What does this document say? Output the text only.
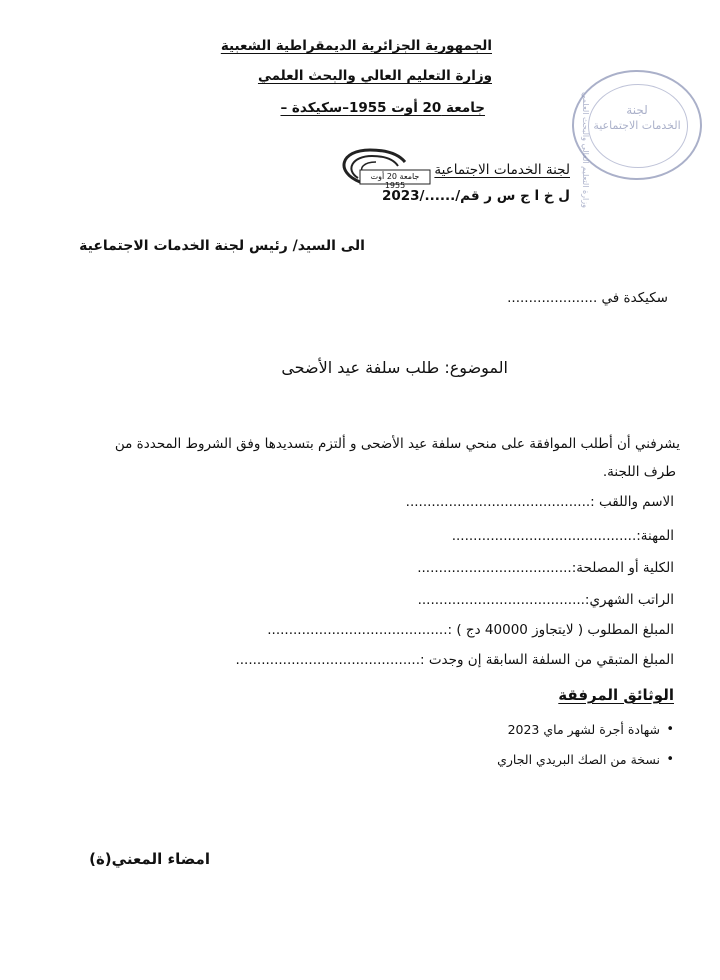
الجمهورية الجزائرية الديمقراطية الشعبية
وزارة التعليم العالي والبحث العلمي
جامعة 20 أوت 1955–سكيكدة –	لجنة
الخدمات الاجتماعية
وزارة التعليم العالي والبحث العلمي
جامعة 20 أوت 1955
لجنة الخدمات الاجتماعية
ل خ ا ج س ر قم/....../2023
الى السيد/ رئيس لجنة الخدمات الاجتماعية
سكيكدة في .....................
الموضوع: طلب سلفة عيد الأضحى
يشرفني أن أطلب الموافقة على منحي سلفة عيد الأضحى و ألتزم بتسديدها وفق الشروط المحددة من
طرف اللجنة.
الاسم واللقب :...........................................
المهنة:...........................................
الكلية أو المصلحة:....................................
الراتب الشهري:.......................................
المبلغ المطلوب ( لايتجاوز 40000 دج ) :..........................................
المبلغ المتبقي من السلفة السابقة إن وجدت :...........................................
الوثائق المرفقة
• شهادة أجرة لشهر ماي 2023
• نسخة من الصك البريدي الجاري
امضاء المعني(ة)
